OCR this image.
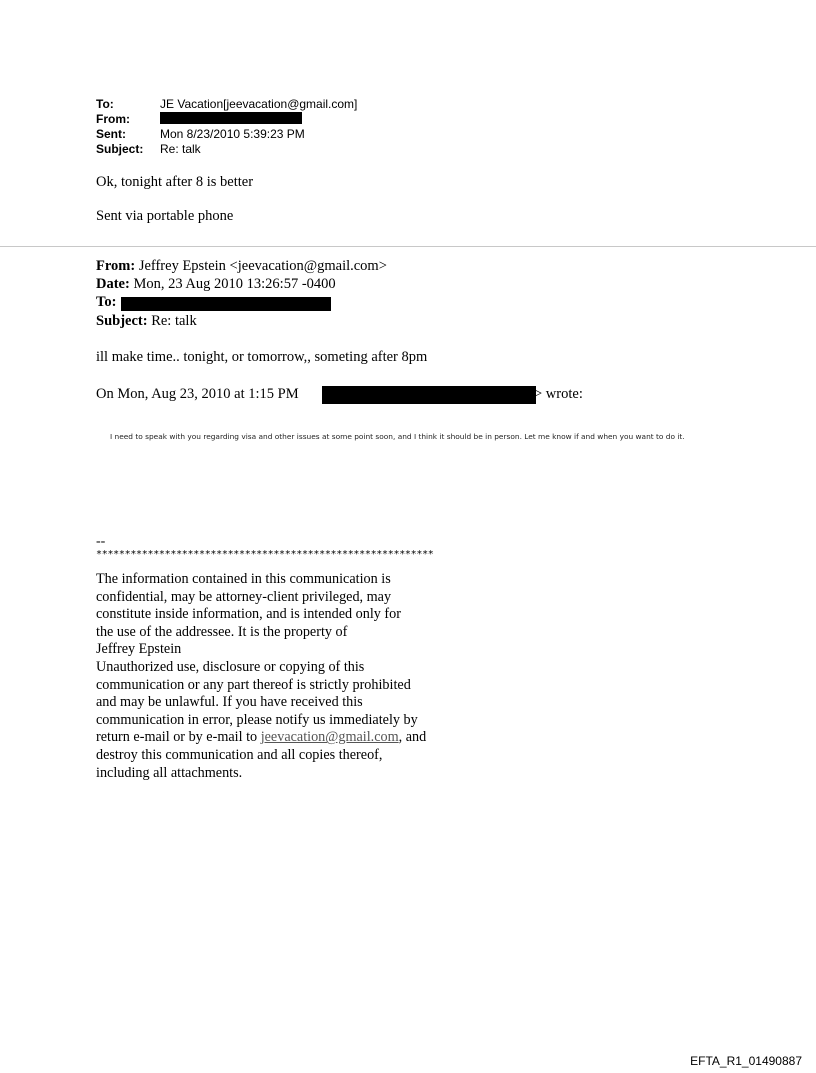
To:	JE Vacation[jeevacation@gmail.com]
From:
Sent:	Mon 8/23/2010 5:39:23 PM
Subject: Re: talk
Ok, tonight after 8 is better
Sent via portable phone
From: Jeffrey Epstein <jeevacation@gmail.com>
Date: Mon, 23 Aug 2010 13:26:57 -0400
To:
Subject: Re: talk
ill make time.. tonight, or tomorrow,, someting after 8pm
On Mon, Aug 23, 2010 at 1:15 PM	> wrote:
I need to speak with you regarding visa and other issues at some point soon, and I think it should be in person. Let me know if and when you want to do it.
--
***********************************************************
The information contained in this communication is
confidential, may be attorney-client privileged, may
constitute inside information, and is intended only for
the use of the addressee. It is the property of
Jeffrey Epstein
Unauthorized use, disclosure or copying of this
communication or any part thereof is strictly prohibited
and may be unlawful. If you have received this
communication in error, please notify us immediately by
return e-mail or by e-mail to jeevacation@gmail.com, and
destroy this communication and all copies thereof,
including all attachments.
EFTA_R1_01490887
